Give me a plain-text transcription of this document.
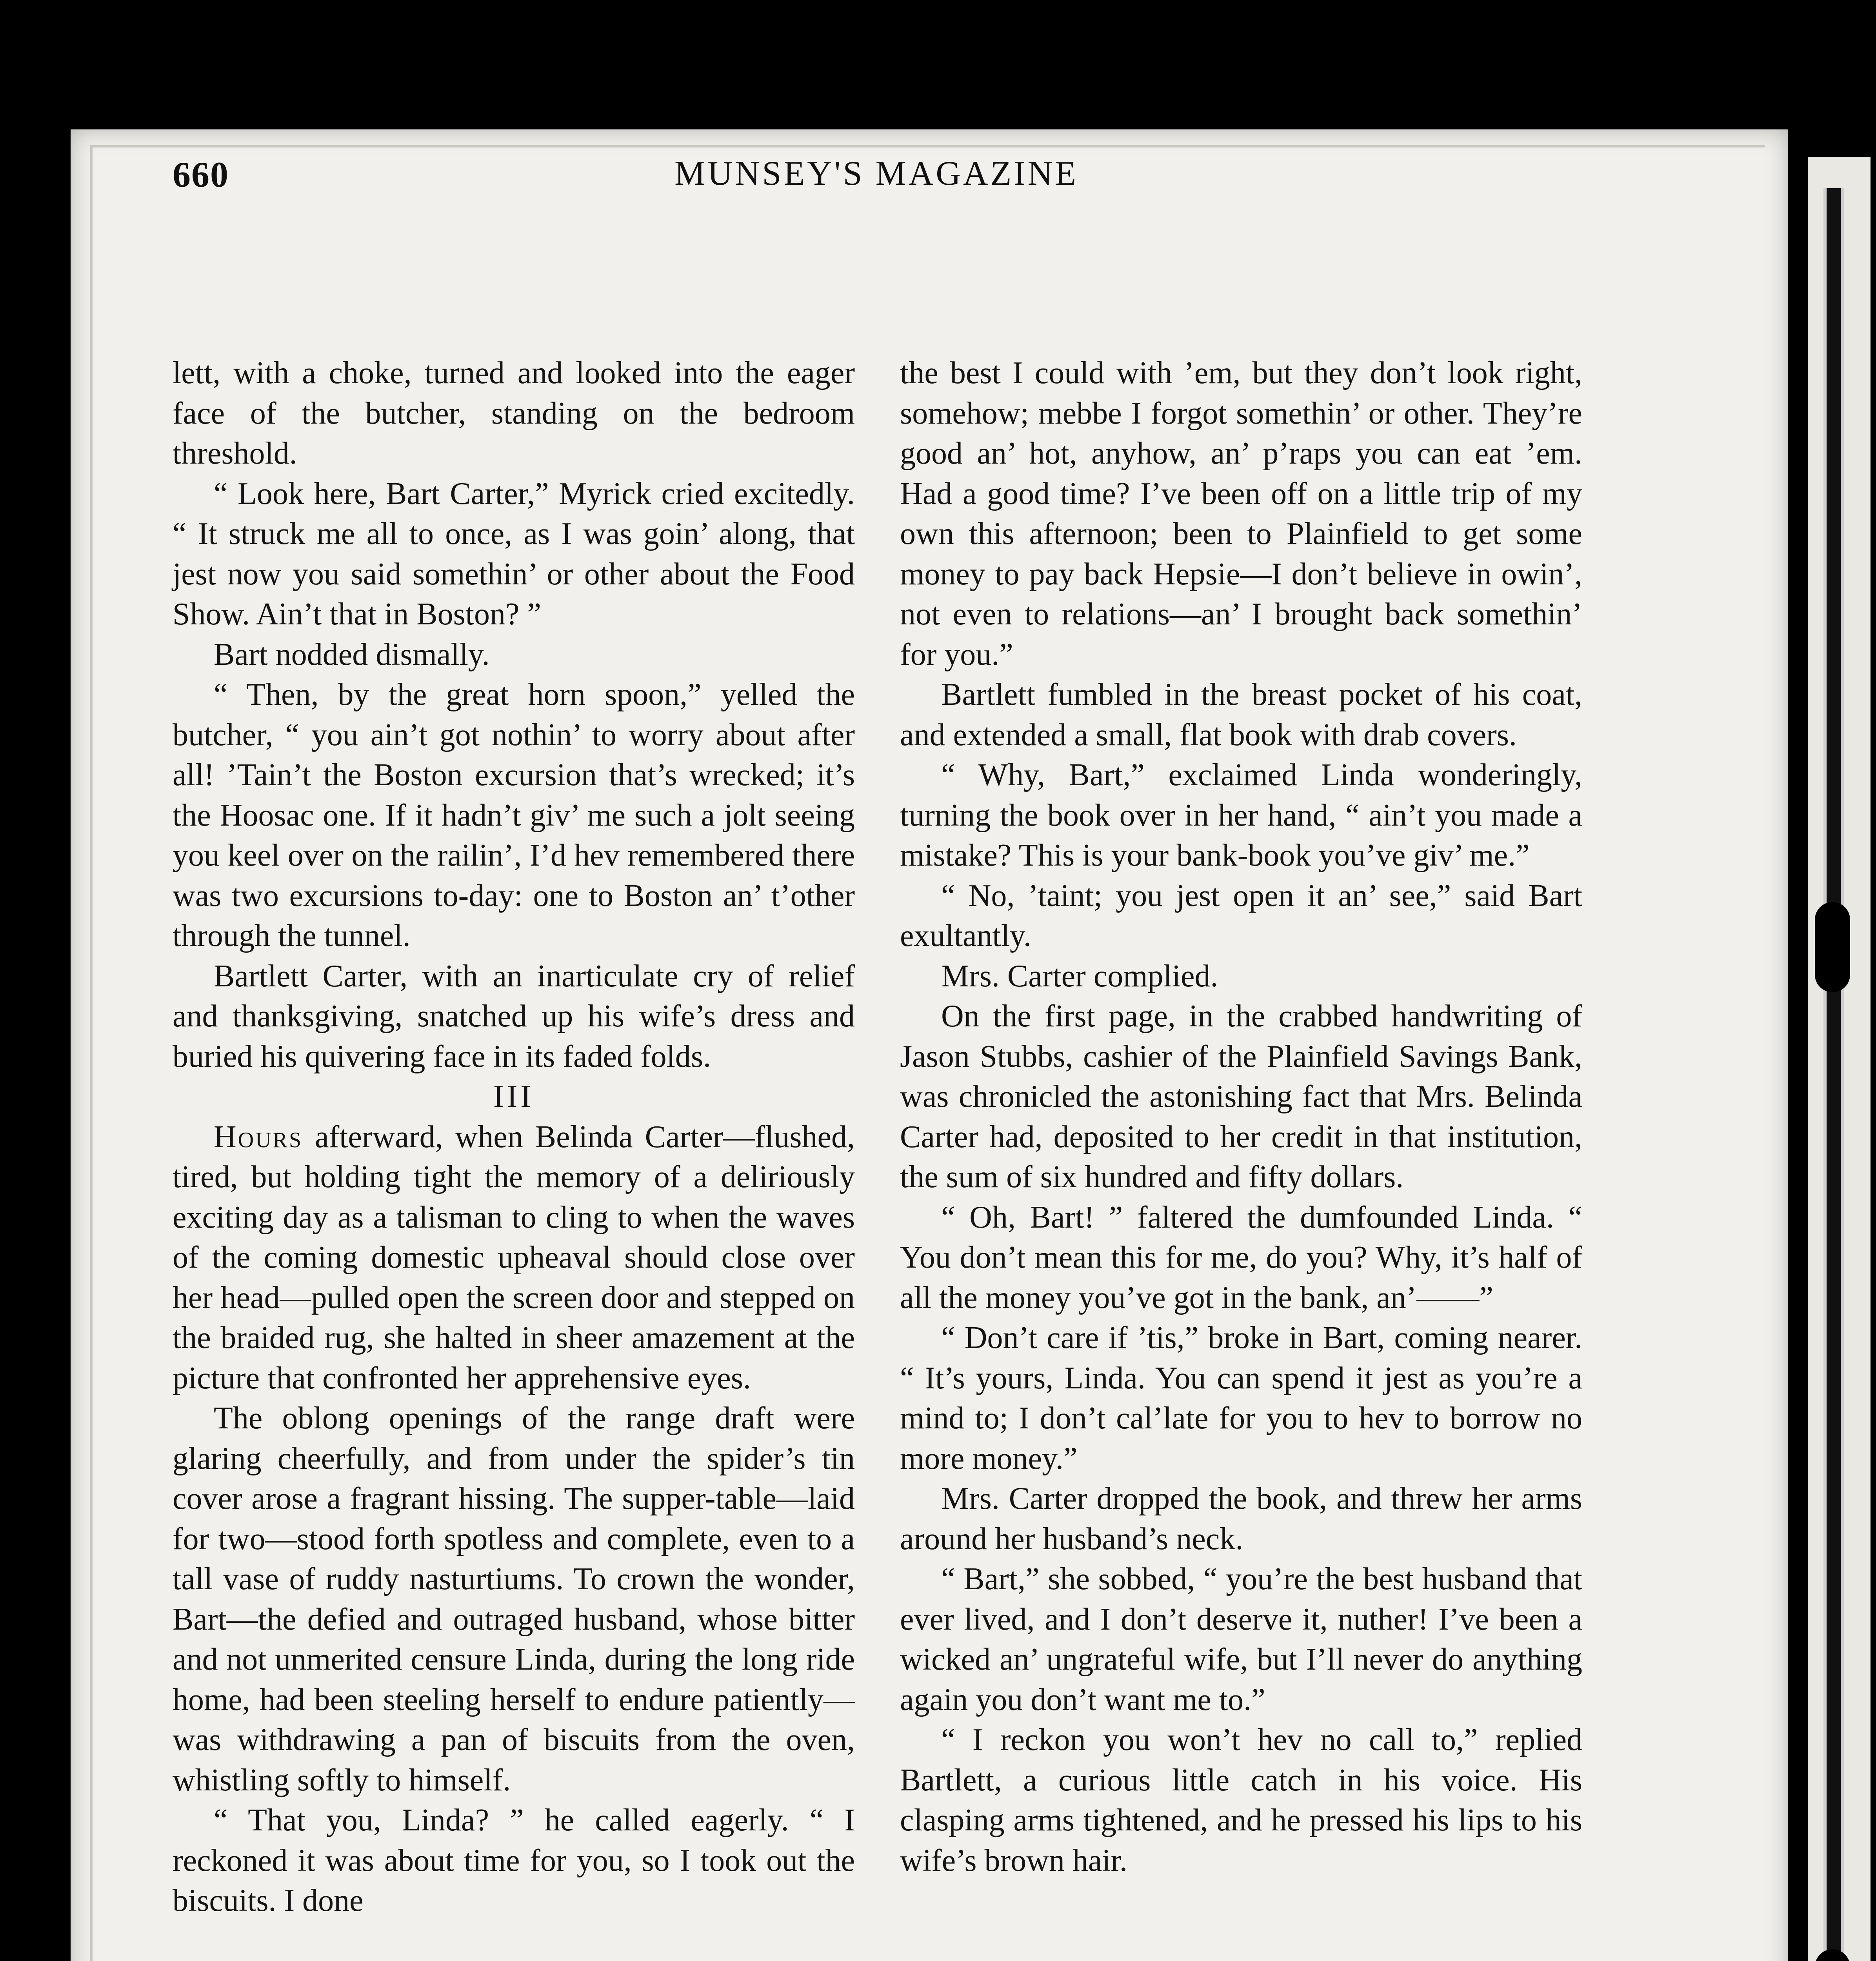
660	MUNSEY'S MAGAZINE

lett, with a choke, turned and looked into the eager face of the butcher, standing on the bedroom threshold.

“ Look here, Bart Carter,” Myrick cried excitedly. “ It struck me all to once, as I was goin’ along, that jest now you said somethin’ or other about the Food Show. Ain’t that in Boston? ”

Bart nodded dismally.

“ Then, by the great horn spoon,” yelled the butcher, “ you ain’t got nothin’ to worry about after all! ’Tain’t the Boston excursion that’s wrecked; it’s the Hoosac one. If it hadn’t giv’ me such a jolt seeing you keel over on the railin’, I’d hev remembered there was two excursions to-day: one to Boston an’ t’other through the tunnel.

Bartlett Carter, with an inarticulate cry of relief and thanksgiving, snatched up his wife’s dress and buried his quivering face in its faded folds.

III

Hours afterward, when Belinda Carter—flushed, tired, but holding tight the memory of a deliriously exciting day as a talisman to cling to when the waves of the coming domestic upheaval should close over her head—pulled open the screen door and stepped on the braided rug, she halted in sheer amazement at the picture that confronted her apprehensive eyes.

The oblong openings of the range draft were glaring cheerfully, and from under the spider’s tin cover arose a fragrant hissing. The supper-table—laid for two—stood forth spotless and complete, even to a tall vase of ruddy nasturtiums. To crown the wonder, Bart—the defied and outraged husband, whose bitter and not unmerited censure Linda, during the long ride home, had been steeling herself to endure patiently—was withdrawing a pan of biscuits from the oven, whistling softly to himself.

“ That you, Linda? ” he called eagerly. “ I reckoned it was about time for you, so I took out the biscuits. I done

the best I could with ’em, but they don’t look right, somehow; mebbe I forgot somethin’ or other. They’re good an’ hot, anyhow, an’ p’raps you can eat ’em. Had a good time? I’ve been off on a little trip of my own this afternoon; been to Plainfield to get some money to pay back Hepsie—I don’t believe in owin’, not even to relations—an’ I brought back somethin’ for you.”

Bartlett fumbled in the breast pocket of his coat, and extended a small, flat book with drab covers.

“ Why, Bart,” exclaimed Linda wonderingly, turning the book over in her hand, “ ain’t you made a mistake? This is your bank-book you’ve giv’ me.”

“ No, ’taint; you jest open it an’ see,” said Bart exultantly.

Mrs. Carter complied.

On the first page, in the crabbed handwriting of Jason Stubbs, cashier of the Plainfield Savings Bank, was chronicled the astonishing fact that Mrs. Belinda Carter had, deposited to her credit in that institution, the sum of six hundred and fifty dollars.

“ Oh, Bart! ” faltered the dumfounded Linda. “ You don’t mean this for me, do you? Why, it’s half of all the money you’ve got in the bank, an’——”

“ Don’t care if ’tis,” broke in Bart, coming nearer. “ It’s yours, Linda. You can spend it jest as you’re a mind to; I don’t cal’late for you to hev to borrow no more money.”

Mrs. Carter dropped the book, and threw her arms around her husband’s neck.

“ Bart,” she sobbed, “ you’re the best husband that ever lived, and I don’t deserve it, nuther! I’ve been a wicked an’ ungrateful wife, but I’ll never do anything again you don’t want me to.”

“ I reckon you won’t hev no call to,” replied Bartlett, a curious little catch in his voice. His clasping arms tightened, and he pressed his lips to his wife’s brown hair.
